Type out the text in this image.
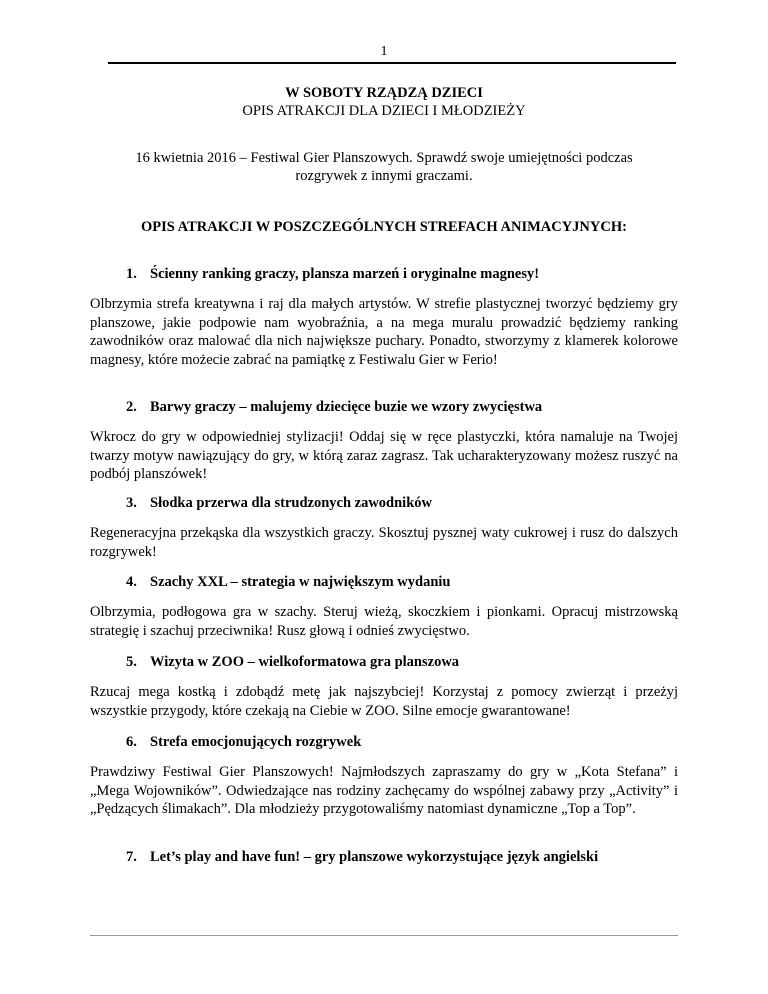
1
W SOBOTY RZĄDZĄ DZIECI
OPIS ATRAKCJI DLA DZIECI I MŁODZIEŻY
16 kwietnia 2016 – Festiwal Gier Planszowych. Sprawdź swoje umiejętności podczas
rozgrywek z innymi graczami.
OPIS ATRAKCJI W POSZCZEGÓLNYCH STREFACH ANIMACYJNYCH:
1. Ścienny ranking graczy, plansza marzeń i oryginalne magnesy!
Olbrzymia strefa kreatywna i raj dla małych artystów. W strefie plastycznej tworzyć będziemy gry planszowe, jakie podpowie nam wyobraźnia, a na mega muralu prowadzić będziemy ranking zawodników oraz malować dla nich największe puchary. Ponadto, stworzymy z klamerek kolorowe magnesy, które możecie zabrać na pamiątkę z Festiwalu Gier w Ferio!
2. Barwy graczy – malujemy dziecięce buzie we wzory zwycięstwa
Wkrocz do gry w odpowiedniej stylizacji! Oddaj się w ręce plastyczki, która namaluje na Twojej twarzy motyw nawiązujący do gry, w którą zaraz zagrasz. Tak ucharakteryzowany możesz ruszyć na podbój planszówek!
3. Słodka przerwa dla strudzonych zawodników
Regeneracyjna przekąska dla wszystkich graczy. Skosztuj pysznej waty cukrowej i rusz do dalszych rozgrywek!
4. Szachy XXL – strategia w największym wydaniu
Olbrzymia, podłogowa gra w szachy. Steruj wieżą, skoczkiem i pionkami. Opracuj mistrzowską strategię i szachuj przeciwnika! Rusz głową i odnieś zwycięstwo.
5. Wizyta w ZOO – wielkoformatowa gra planszowa
Rzucaj mega kostką i zdobądź metę jak najszybciej! Korzystaj z pomocy zwierząt i przeżyj wszystkie przygody, które czekają na Ciebie w ZOO. Silne emocje gwarantowane!
6. Strefa emocjonujących rozgrywek
Prawdziwy Festiwal Gier Planszowych! Najmłodszych zapraszamy do gry w „Kota Stefana” i „Mega Wojowników”. Odwiedzające nas rodziny zachęcamy do wspólnej zabawy przy „Activity” i „Pędzących ślimakach”. Dla młodzieży przygotowaliśmy natomiast dynamiczne „Top a Top”.
7. Let’s play and have fun! – gry planszowe wykorzystujące język angielski
